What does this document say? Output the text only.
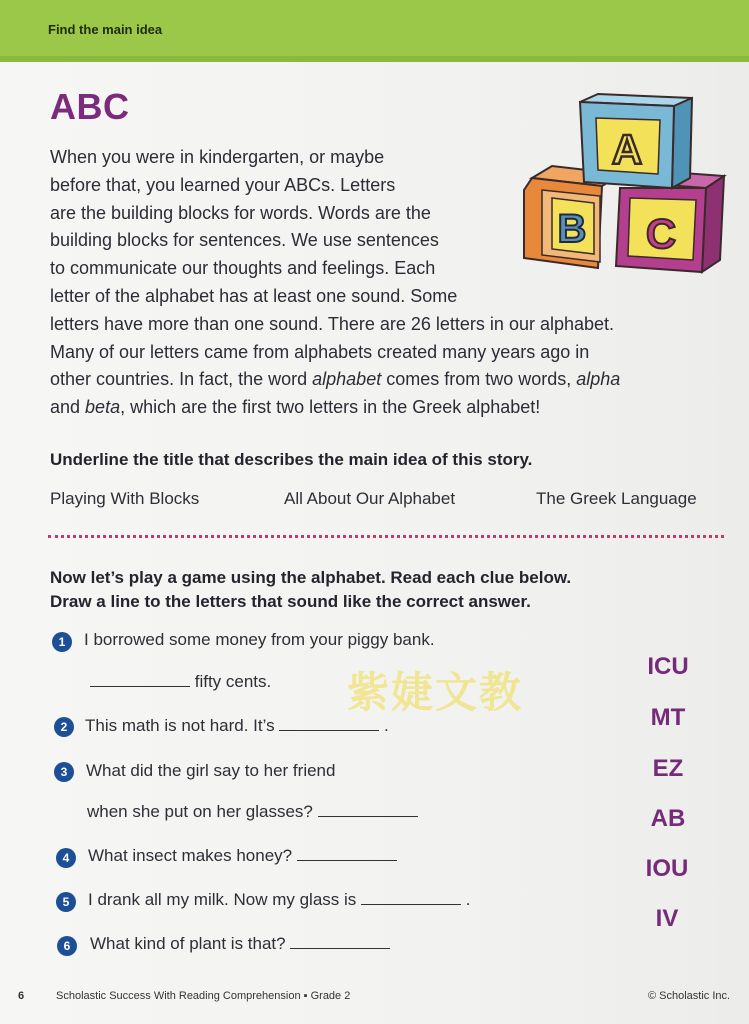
Find the main idea
ABC
B C
A
When you were in kindergarten, or maybe
before that, you learned your ABCs. Letters
are the building blocks for words. Words are the
building blocks for sentences. We use sentences
to communicate our thoughts and feelings. Each
letter of the alphabet has at least one sound. Some
letters have more than one sound. There are 26 letters in our alphabet.
Many of our letters came from alphabets created many years ago in
other countries. In fact, the word alphabet comes from two words, alpha
and beta, which are the first two letters in the Greek alphabet!
Underline the title that describes the main idea of this story.
Playing With Blocks	All About Our Alphabet	The Greek Language
Now let’s play a game using the alphabet. Read each clue below.
Draw a line to the letters that sound like the correct answer.
1	I borrowed some money from your piggy bank.
fifty cents.
2	This math is not hard. It’s	.
3	What did the girl say to her friend
when she put on her glasses?
4	What insect makes honey?
5	I drank all my milk. Now my glass is	.
6	What kind of plant is that?
ICU
MT
EZ
AB
IOU
IV
紫婕文教
6	Scholastic Success With Reading Comprehension ▪ Grade 2	© Scholastic Inc.
